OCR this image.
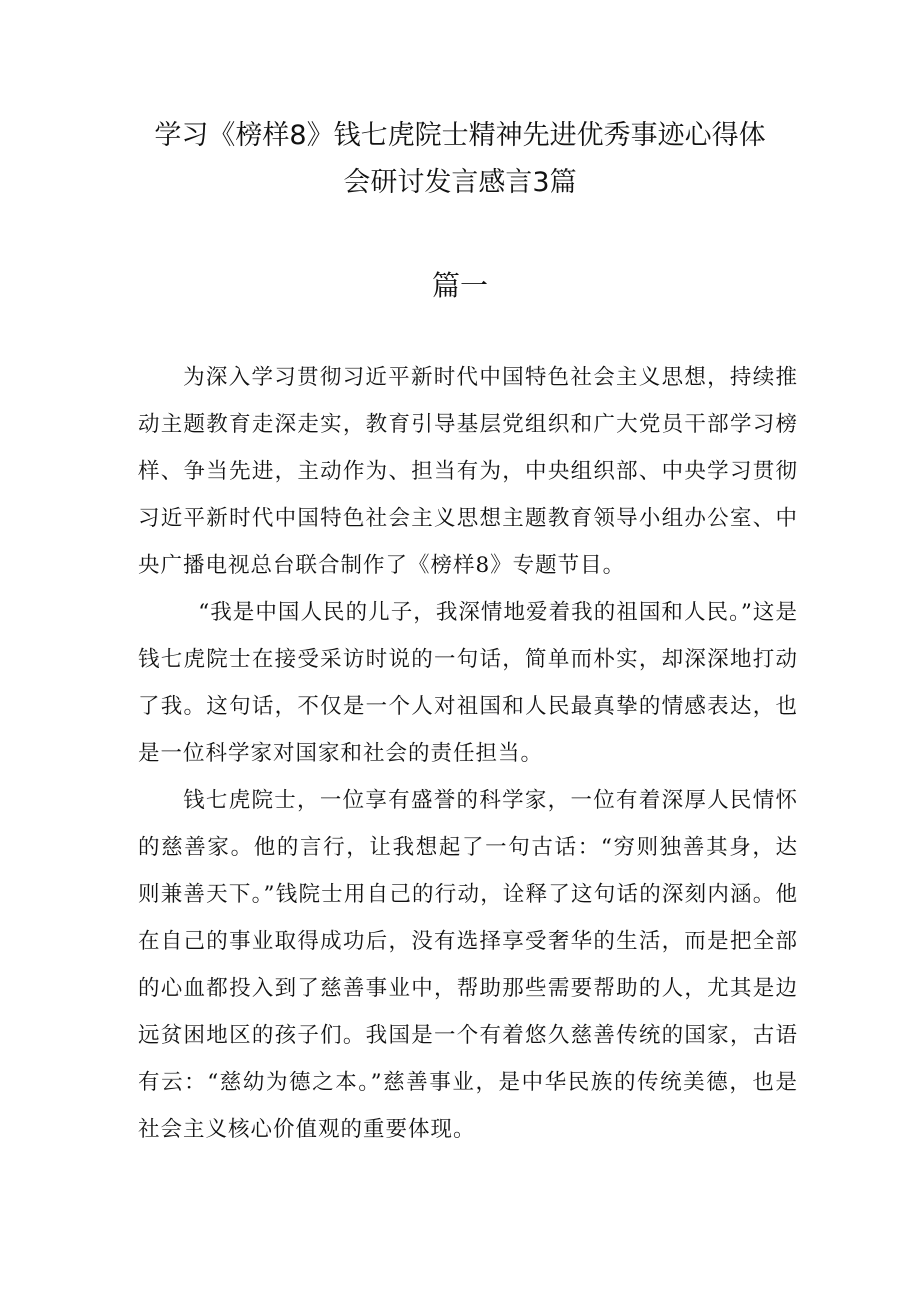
学习《榜样8》钱七虎院士精神先进优秀事迹心得体
会研讨发言感言3篇
篇一

为深入学习贯彻习近平新时代中国特色社会主义思想，持续推动主题教育走深走实，教育引导基层党组织和广大党员干部学习榜样、争当先进，主动作为、担当有为，中央组织部、中央学习贯彻习近平新时代中国特色社会主义思想主题教育领导小组办公室、中央广播电视总台联合制作了《榜样8》专题节目。

“我是中国人民的儿子，我深情地爱着我的祖国和人民。”这是钱七虎院士在接受采访时说的一句话，简单而朴实，却深深地打动了我。这句话，不仅是一个人对祖国和人民最真挚的情感表达，也是一位科学家对国家和社会的责任担当。

钱七虎院士，一位享有盛誉的科学家，一位有着深厚人民情怀的慈善家。他的言行，让我想起了一句古话：“穷则独善其身，达则兼善天下。”钱院士用自己的行动，诠释了这句话的深刻内涵。他在自己的事业取得成功后，没有选择享受奢华的生活，而是把全部的心血都投入到了慈善事业中，帮助那些需要帮助的人，尤其是边远贫困地区的孩子们。我国是一个有着悠久慈善传统的国家，古语有云：“慈幼为德之本。”慈善事业，是中华民族的传统美德，也是社会主义核心价值观的重要体现。
